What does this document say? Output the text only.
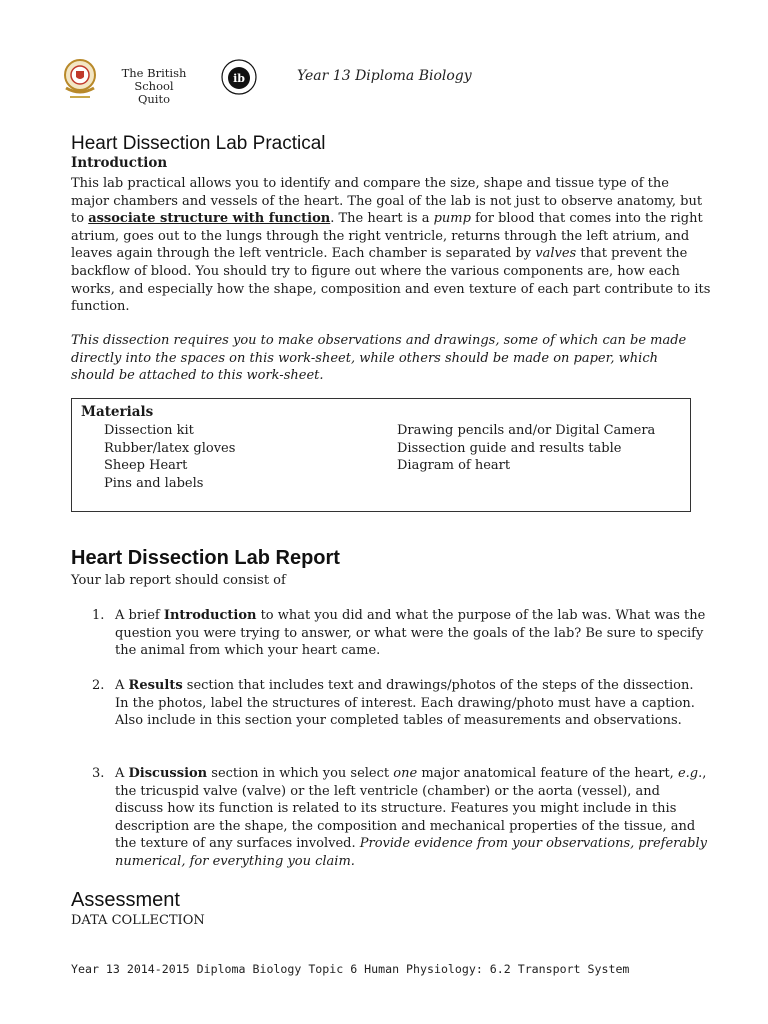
The British School
Quito
ib	Year 13 Diploma Biology
Heart Dissection Lab Practical
Introduction

This lab practical allows you to identify and compare the size, shape and tissue type of the major chambers and vessels of the heart. The goal of the lab is not just to observe anatomy, but to associate structure with function. The heart is a pump for blood that comes into the right atrium, goes out to the lungs through the right ventricle, returns through the left atrium, and leaves again through the left ventricle. Each chamber is separated by valves that prevent the backflow of blood. You should try to figure out where the various components are, how each works, and especially how the shape, composition and even texture of each part contribute to its function.

This dissection requires you to make observations and drawings, some of which can be made directly into the spaces on this work-sheet, while others should be made on paper, which should be attached to this work-sheet.

Materials
Dissection kit
Rubber/latex gloves
Sheep Heart
Pins and labels
Drawing pencils and/or Digital Camera
Dissection guide and results table
Diagram of heart
Heart Dissection Lab Report

Your lab report should consist of

1. A brief Introduction to what you did and what the purpose of the lab was. What was the question you were trying to answer, or what were the goals of the lab? Be sure to specify the animal from which your heart came.
2. A Results section that includes text and drawings/photos of the steps of the dissection. In the photos, label the structures of interest. Each drawing/photo must have a caption. Also include in this section your completed tables of measurements and observations.
3. A Discussion section in which you select one major anatomical feature of the heart, e.g., the tricuspid valve (valve) or the left ventricle (chamber) or the aorta (vessel), and discuss how its function is related to its structure. Features you might include in this description are the shape, the composition and mechanical properties of the tissue, and the texture of any surfaces involved. Provide evidence from your observations, preferably numerical, for everything you claim.
Assessment

DATA COLLECTION

Year 13 2014-2015 Diploma Biology Topic 6 Human Physiology: 6.2 Transport System
